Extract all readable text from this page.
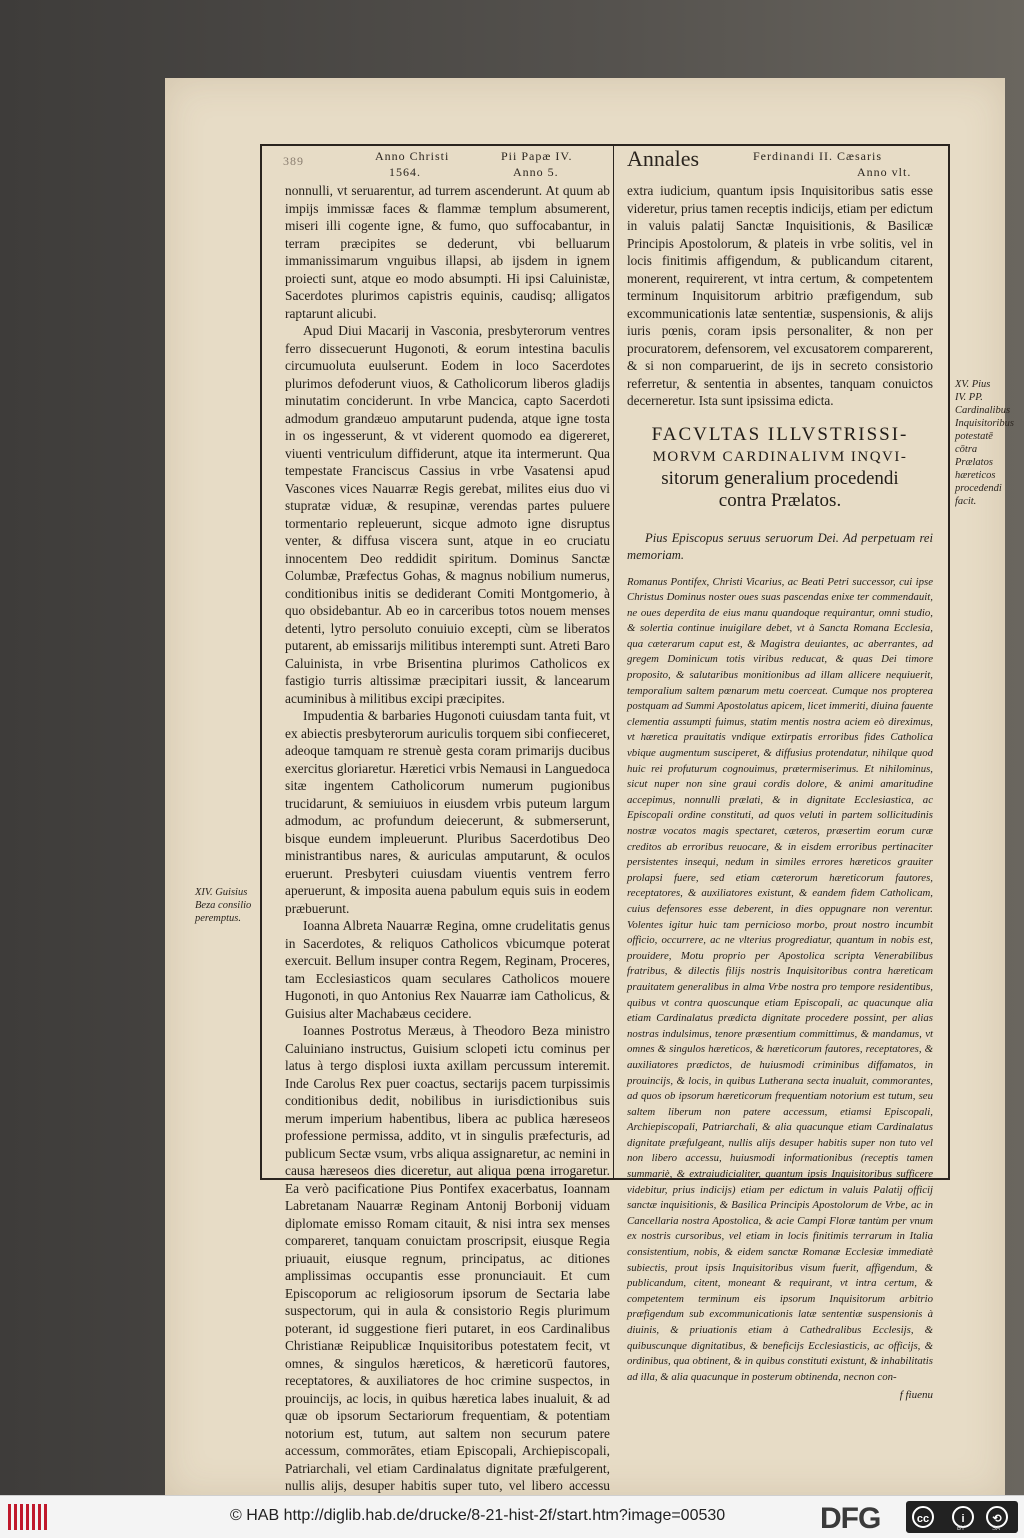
389	Anno Christi
1564.
Pii Papæ IV.
Anno 5.
Annales	Ferdinandi II. Cæsaris
Anno vlt.

nonnulli, vt seruarentur, ad turrem ascenderunt. At quum ab impijs immissæ faces & flammæ templum absumerent, miseri illi cogente igne, & fumo, quo suffocabantur, in terram præcipites se dederunt, vbi belluarum immanissimarum vnguibus illapsi, ab ijsdem in ignem proiecti sunt, atque eo modo absumpti. Hi ipsi Caluinistæ, Sacerdotes plurimos capistris equinis, caudisq; alligatos raptarunt alicubi.

Apud Diui Macarij in Vasconia, presbyterorum ventres ferro dissecuerunt Hugonoti, & eorum intestina baculis circumuoluta euulserunt. Eodem in loco Sacerdotes plurimos defoderunt viuos, & Catholicorum liberos gladijs minutatim conciderunt. In vrbe Mancica, capto Sacerdoti admodum grandæuo amputarunt pudenda, atque igne tosta in os ingesserunt, & vt viderent quomodo ea digereret, viuenti ventriculum diffiderunt, atque ita intermerunt. Qua tempestate Franciscus Cassius in vrbe Vasatensi apud Vascones vices Nauarræ Regis gerebat, milites eius duo vi stupratæ viduæ, & resupinæ, verendas partes puluere tormentario repleuerunt, sicque admoto igne disruptus venter, & diffusa viscera sunt, atque in eo cruciatu innocentem Deo reddidit spiritum. Dominus Sanctæ Columbæ, Præfectus Gohas, & magnus nobilium numerus, conditionibus initis se dediderant Comiti Montgomerio, à quo obsidebantur. Ab eo in carceribus totos nouem menses detenti, lytro persoluto conuiuio excepti, cùm se liberatos putarent, ab emissarijs militibus interempti sunt. Atreti Baro Caluinista, in vrbe Brisentina plurimos Catholicos ex fastigio turris altissimæ præcipitari iussit, & lancearum acuminibus à militibus excipi præcipites.

Impudentia & barbaries Hugonoti cuiusdam tanta fuit, vt ex abiectis presbyterorum auriculis torquem sibi confieceret, adeoque tamquam re strenuè gesta coram primarijs ducibus exercitus gloriaretur. Hæretici vrbis Nemausi in Languedoca sitæ ingentem Catholicorum numerum pugionibus trucidarunt, & semiuiuos in eiusdem vrbis puteum largum admodum, ac profundum deiecerunt, & submerserunt, bisque eundem impleuerunt. Pluribus Sacerdotibus Deo ministrantibus nares, & auriculas amputarunt, & oculos eruerunt. Presbyteri cuiusdam viuentis ventrem ferro aperuerunt, & imposita auena pabulum equis suis in eodem præbuerunt.

Ioanna Albreta Nauarræ Regina, omne crudelitatis genus in Sacerdotes, & reliquos Catholicos vbicumque poterat exercuit. Bellum insuper contra Regem, Reginam, Proceres, tam Ecclesiasticos quam seculares Catholicos mouere Hugonoti, in quo Antonius Rex Nauarræ iam Catholicus, & Guisius alter Machabæus cecidere.

Ioannes Postrotus Meræus, à Theodoro Beza ministro Caluiniano instructus, Guisium sclopeti ictu cominus per latus à tergo displosi iuxta axillam percussum interemit. Inde Carolus Rex puer coactus, sectarijs pacem turpissimis conditionibus dedit, nobilibus in iurisdictionibus suis merum imperium habentibus, libera ac publica hæreseos professione permissa, addito, vt in singulis præfecturis, ad publicum Sectæ vsum, vrbs aliqua assignaretur, ac nemini in causa hæreseos dies diceretur, aut aliqua pœna irrogaretur. Ea verò pacificatione Pius Pontifex exacerbatus, Ioannam Labretanam Nauarræ Reginam Antonij Borbonij viduam diplomate emisso Romam citauit, & nisi intra sex menses compareret, tanquam conuictam proscripsit, eiusque Regia priuauit, eiusque regnum, principatus, ac ditiones amplissimas occupantis esse pronunciauit. Et cum Episcoporum ac religiosorum ipsorum de Sectaria labe suspectorum, qui in aula & consistorio Regis plurimum poterant, id suggestione fieri putaret, in eos Cardinalibus Christianæ Reipublicæ Inquisitoribus potestatem fecit, vt omnes, & singulos hæreticos, & hæreticorū fautores, receptatores, & auxiliatores de hoc crimine suspectos, in prouincijs, ac locis, in quibus hæretica labes inualuit, & ad quæ ob ipsorum Sectariorum frequentiam, & potentiam notorium est, tutum, aut saltem non securum patere accessum, commorātes, etiam Episcopali, Archiepiscopali, Patriarchali, vel etiam Cardinalatus dignitate præfulgerent, nullis alijs, desuper habitis super tuto, vel libero accessu

extra iudicium, quantum ipsis Inquisitoribus satis esse videretur, prius tamen receptis indicijs, etiam per edictum in valuis palatij Sanctæ Inquisitionis, & Basilicæ Principis Apostolorum, & plateis in vrbe solitis, vel in locis finitimis affigendum, & publicandum citarent, monerent, requirerent, vt intra certum, & competentem terminum Inquisitorum arbitrio præfigendum, sub excommunicationis latæ sententiæ, suspensionis, & alijs iuris pœnis, coram ipsis personaliter, & non per procuratorem, defensorem, vel excusatorem comparerent, & si non comparuerint, de ijs in secreto consistorio referretur, & sententia in absentes, tanquam conuictos decerneretur. Ista sunt ipsissima edicta.

FACVLTAS ILLVSTRISSI-
MORVM CARDINALIVM INQVI-
sitorum generalium procedendi
contra Prælatos.

Pius Episcopus seruus seruorum Dei. Ad perpetuam rei memoriam.

Romanus Pontifex, Christi Vicarius, ac Beati Petri successor, cui ipse Christus Dominus noster oues suas pascendas enixe ter commendauit, ne oues deperdita de eius manu quandoque requirantur, omni studio, & solertia continue inuigilare debet, vt à Sancta Romana Ecclesia, qua cæterarum caput est, & Magistra deuiantes, ac aberrantes, ad gregem Dominicum totis viribus reducat, & quas Dei timore proposito, & salutaribus monitionibus ad illam allicere nequiuerit, temporalium saltem pœnarum metu coerceat. Cumque nos propterea postquam ad Summi Apostolatus apicem, licet immeriti, diuina fauente clementia assumpti fuimus, statim mentis nostra aciem eò direximus, vt hæretica prauitatis vndique extirpatis erroribus fides Catholica vbique augmentum susciperet, & diffusius protendatur, nihilque quod huic rei profuturum cognouimus, prætermiserimus. Et nihilominus, sicut nuper non sine graui cordis dolore, & animi amaritudine accepimus, nonnulli prælati, & in dignitate Ecclesiastica, ac Episcopali ordine constituti, ad quos veluti in partem sollicitudinis nostræ vocatos magis spectaret, cæteros, præsertim eorum curæ creditos ab erroribus reuocare, & in eisdem erroribus pertinaciter persistentes insequi, nedum in similes errores hæreticos grauiter prolapsi fuere, sed etiam cæterorum hæreticorum fautores, receptatores, & auxiliatores existunt, & eandem fidem Catholicam, cuius defensores esse deberent, in dies oppugnare non verentur. Volentes igitur huic tam pernicioso morbo, prout nostro incumbit officio, occurrere, ac ne vlterius progrediatur, quantum in nobis est, prouidere, Motu proprio per Apostolica scripta Venerabilibus fratribus, & dilectis filijs nostris Inquisitoribus contra hæreticam prauitatem generalibus in alma Vrbe nostra pro tempore residentibus, quibus vt contra quoscunque etiam Episcopali, ac quacunque alia etiam Cardinalatus prædicta dignitate procedere possint, per alias nostras indulsimus, tenore præsentium committimus, & mandamus, vt omnes & singulos hæreticos, & hæreticorum fautores, receptatores, & auxiliatores prædictos, de huiusmodi criminibus diffamatos, in prouincijs, & locis, in quibus Lutherana secta inualuit, commorantes, ad quos ob ipsorum hæreticorum frequentiam notorium est tutum, seu saltem liberum non patere accessum, etiamsi Episcopali, Archiepiscopali, Patriarchali, & alia quacunque etiam Cardinalatus dignitate præfulgeant, nullis alijs desuper habitis super non tuto vel non libero accessu, huiusmodi informationibus (receptis tamen summariè, & extraiudicialiter, quantum ipsis Inquisitoribus sufficere videbitur, prius indicijs) etiam per edictum in valuis Palatij officij sanctæ inquisitionis, & Basilica Principis Apostolorum de Vrbe, ac in Cancellaria nostra Apostolica, & acie Campi Floræ tantùm per vnum ex nostris cursoribus, vel etiam in locis finitimis terrarum in Italia consistentium, nobis, & eidem sanctæ Romanæ Ecclesiæ immediatè subiectis, prout ipsis Inquisitoribus visum fuerit, affigendum, & publicandum, citent, moneant & requirant, vt intra certum, & competentem terminum eis ipsorum Inquisitorum arbitrio præfigendum sub excommunicationis latæ sententiæ suspensionis à diuinis, & priuationis etiam à Cathedralibus Ecclesijs, & quibuscunque dignitatibus, & beneficijs Ecclesiasticis, ac officijs, & ordinibus, qua obtinent, & in quibus constituti existunt, & inhabilitatis ad illa, & alia quacunque in posterum obtinenda, necnon con-

f fiuenu
XIV. Guisius Beza consilio peremptus.
XV. Pius IV. PP. Cardinalibus Inquisitoribus potestatē cōtra Prælatos hæreticos procedendi facit.
© HAB http://diglib.hab.de/drucke/8-21-hist-2f/start.htm?image=00530	DFG	cc	i	⟲
BY	SA
